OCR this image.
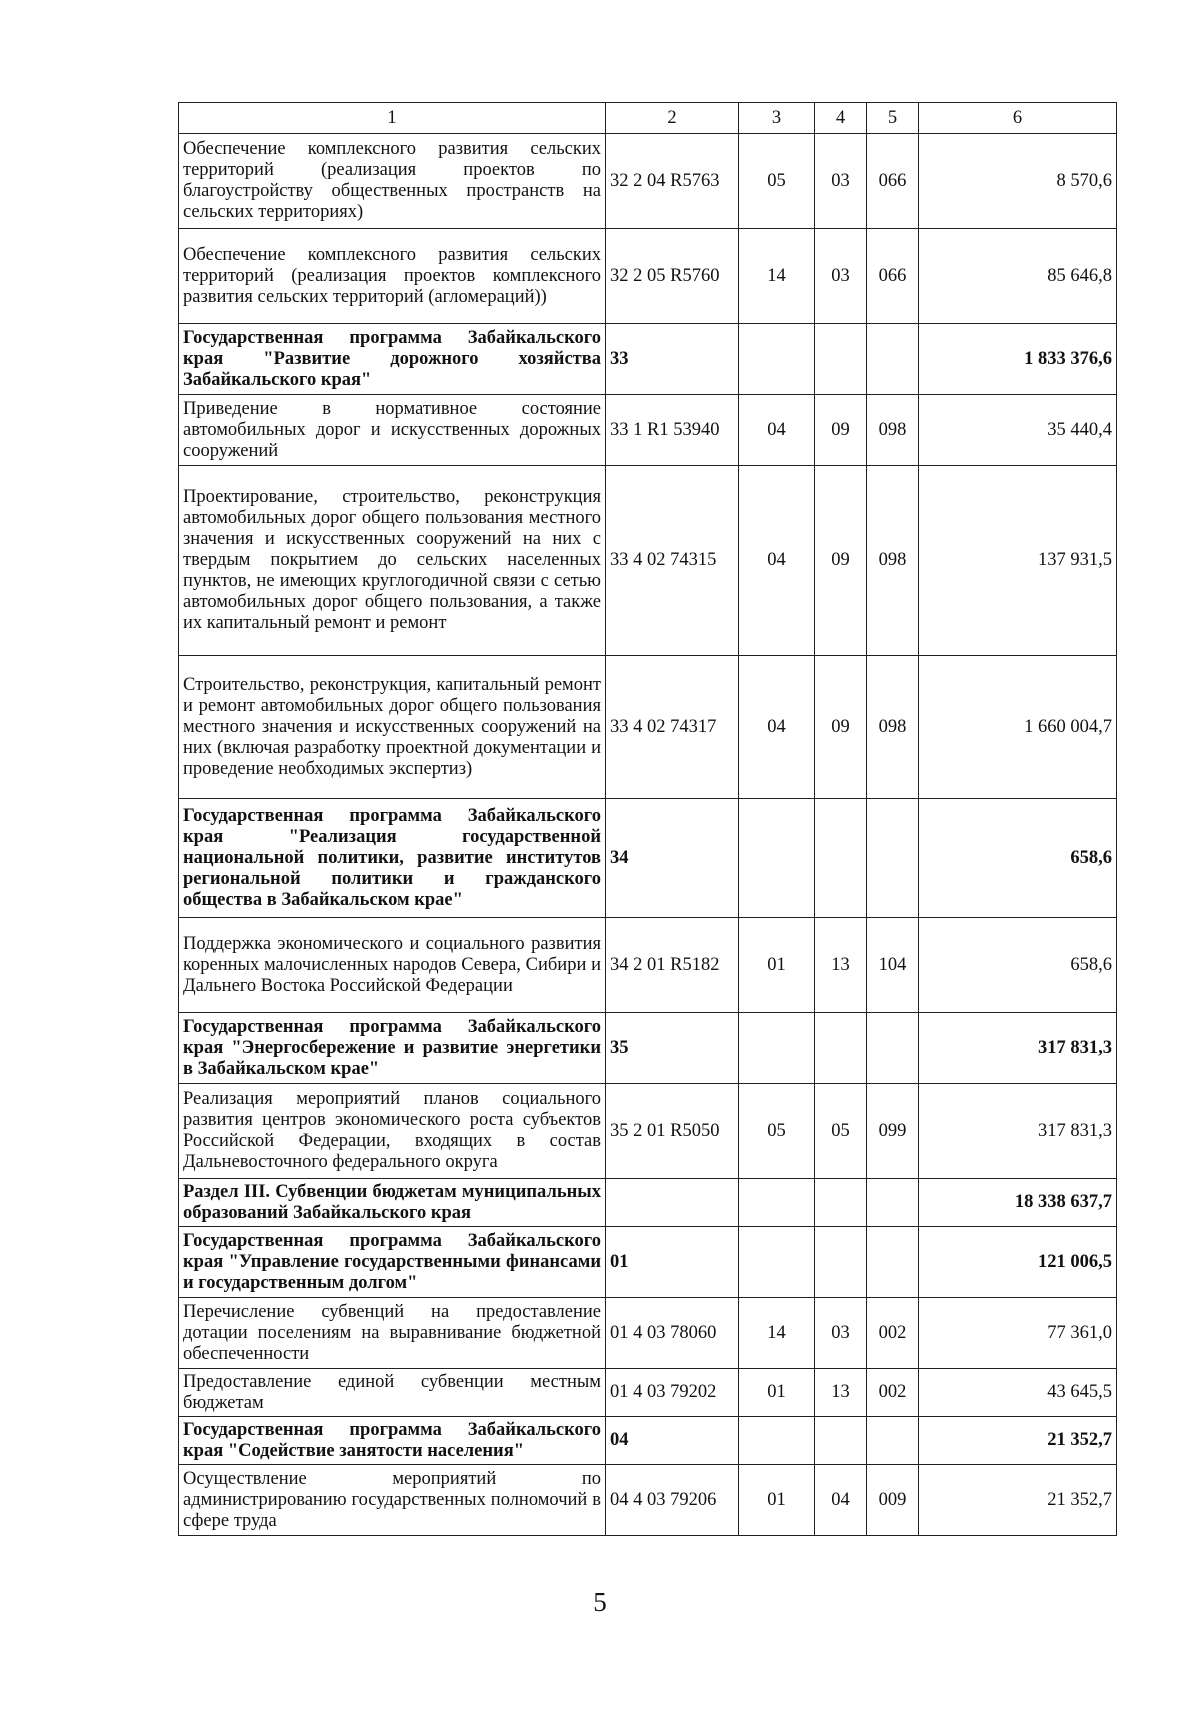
1	2	3	4	5	6
Обеспечение комплексного развития сельских территорий (реализация проектов по благоустройству общественных пространств на сельских территориях)	32 2 04 R5763	05	03	066	8 570,6
Обеспечение комплексного развития сельских территорий (реализация проектов комплексного развития сельских территорий (агломераций))	32 2 05 R5760	14	03	066	85 646,8
Государственная программа Забайкальского края "Развитие дорожного хозяйства Забайкальского края"	33				1 833 376,6
Приведение в нормативное состояние автомобильных дорог и искусственных дорожных сооружений	33 1 R1 53940	04	09	098	35 440,4
Проектирование, строительство, реконструкция автомобильных дорог общего пользования местного значения и искусственных сооружений на них с твердым покрытием до сельских населенных пунктов, не имеющих круглогодичной связи с сетью автомобильных дорог общего пользования, а также их капитальный ремонт и ремонт	33 4 02 74315	04	09	098	137 931,5
Строительство, реконструкция, капитальный ремонт и ремонт автомобильных дорог общего пользования местного значения и искусственных сооружений на них (включая разработку проектной документации и проведение необходимых экспертиз)	33 4 02 74317	04	09	098	1 660 004,7
Государственная программа Забайкальского края "Реализация государственной национальной политики, развитие институтов региональной политики и гражданского общества в Забайкальском крае"	34				658,6
Поддержка экономического и социального развития коренных малочисленных народов Севера, Сибири и Дальнего Востока Российской Федерации	34 2 01 R5182	01	13	104	658,6
Государственная программа Забайкальского края "Энергосбережение и развитие энергетики в Забайкальском крае"	35				317 831,3
Реализация мероприятий планов социального развития центров экономического роста субъектов Российской Федерации, входящих в состав Дальневосточного федерального округа	35 2 01 R5050	05	05	099	317 831,3
Раздел III. Субвенции бюджетам муниципальных образований Забайкальского края					18 338 637,7
Государственная программа Забайкальского края "Управление государственными финансами и государственным долгом"	01				121 006,5
Перечисление субвенций на предоставление дотации поселениям на выравнивание бюджетной обеспеченности	01 4 03 78060	14	03	002	77 361,0
Предоставление единой субвенции местным бюджетам	01 4 03 79202	01	13	002	43 645,5
Государственная программа Забайкальского края "Содействие занятости населения"	04				21 352,7
Осуществление мероприятий по администрированию государственных полномочий в сфере труда	04 4 03 79206	01	04	009	21 352,7
5
